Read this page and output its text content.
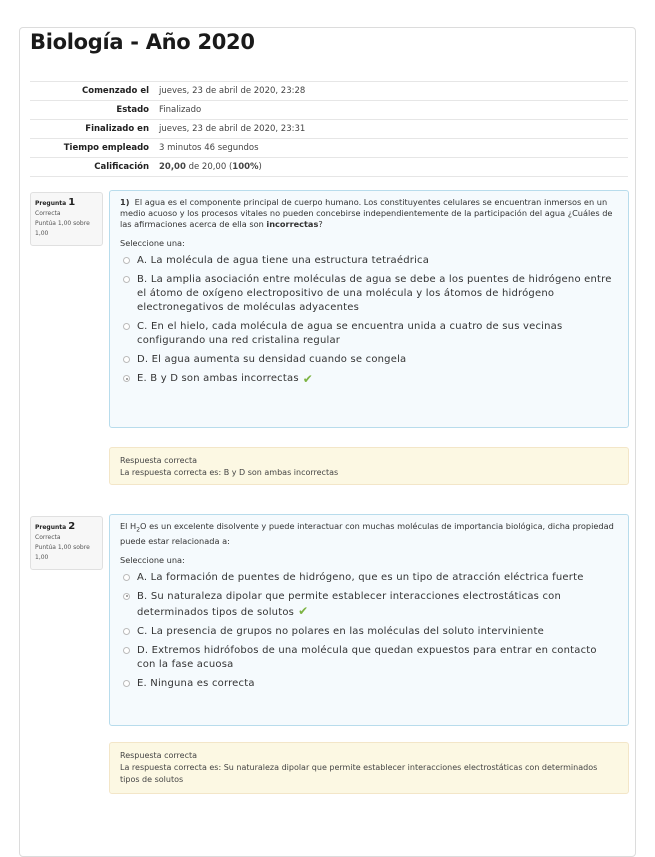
Biología - Año 2020
Comenzado el	jueves, 23 de abril de 2020, 23:28
Estado	Finalizado
Finalizado en	jueves, 23 de abril de 2020, 23:31
Tiempo empleado	3 minutos 46 segundos
Calificación	20,00 de 20,00 (100%)
Pregunta 1
Correcta
Puntúa 1,00 sobre 1,00

1) El agua es el componente principal de cuerpo humano. Los constituyentes celulares se encuentran inmersos en un medio acuoso y los procesos vitales no pueden concebirse independientemente de la participación del agua ¿Cuáles de las afirmaciones acerca de ella son incorrectas?

Seleccione una:

A. La molécula de agua tiene una estructura tetraédrica
B. La amplia asociación entre moléculas de agua se debe a los puentes de hidrógeno entre el átomo de oxígeno electropositivo de una molécula y los átomos de hidrógeno electronegativos de moléculas adyacentes
C. En el hielo, cada molécula de agua se encuentra unida a cuatro de sus vecinas configurando una red cristalina regular
D. El agua aumenta su densidad cuando se congela
E. B y D son ambas incorrectas ✔
Respuesta correcta
La respuesta correcta es: B y D son ambas incorrectas
Pregunta 2
Correcta
Puntúa 1,00 sobre 1,00

El $H_2O$ es un excelente disolvente y puede interactuar con muchas moléculas de importancia biológica, dicha propiedad puede estar relacionada a:

Seleccione una:

A. La formación de puentes de hidrógeno, que es un tipo de atracción eléctrica fuerte
B. Su naturaleza dipolar que permite establecer interacciones electrostáticas con determinados tipos de solutos ✔
C. La presencia de grupos no polares en las moléculas del soluto interviniente
D. Extremos hidrófobos de una molécula que quedan expuestos para entrar en contacto con la fase acuosa
E. Ninguna es correcta
Respuesta correcta
La respuesta correcta es: Su naturaleza dipolar que permite establecer interacciones electrostáticas con determinados tipos de solutos
